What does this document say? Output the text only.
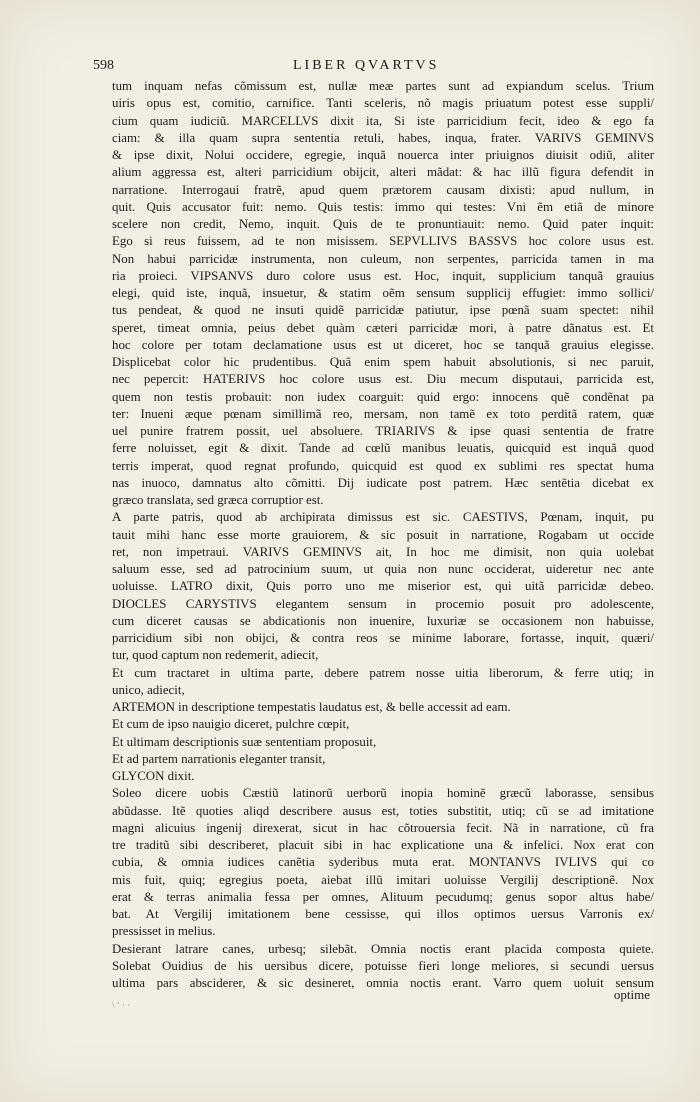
598	LIBER QVARTVS
tum inquam nefas cõmissum est, nullæ meæ partes sunt ad expiandum scelus. Trium
uiris opus est, comitio, carnifice. Tanti sceleris, nõ magis priuatum potest esse suppli/
cium quam iudiciũ. MARCELLVS dixit ita, Si iste parricidium fecit, ideo & ego fa
ciam: & illa quam supra sententia retuli, habes, inqua, frater. VARIVS GEMINVS
& ipse dixit, Nolui occidere, egregie, inquã nouerca inter priuignos diuisit odiũ, aliter
alium aggressa est, alteri parricidium obijcit, alteri mãdat: & hac illũ figura defendit in
narratione. Interrogaui fratrẽ, apud quem prætorem causam dixisti: apud nullum, in
quit. Quis accusator fuit: nemo. Quis testis: immo qui testes: Vni ẽm etiã de minore
scelere non credit, Nemo, inquit. Quis de te pronuntiauit: nemo. Quid pater inquit:
Ego si reus fuissem, ad te non misissem. SEPVLLIVS BASSVS hoc colore usus est.
Non habui parricidæ instrumenta, non culeum, non serpentes, parricida tamen in ma
ria proieci. VIPSANVS duro colore usus est. Hoc, inquit, supplicium tanquã grauius
elegi, quid iste, inquã, insuetur, & statim oẽm sensum supplicij effugiet: immo sollici/
tus pendeat, & quod ne insuti quidẽ parricidæ patiutur, ipse pœnã suam spectet: nihil
speret, timeat omnia, peius debet quàm cæteri parricidæ mori, à patre dãnatus est. Et
hoc colore per totam declamatione usus est ut diceret, hoc se tanquã grauius elegisse.
Displicebat color hic prudentibus. Quã enim spem habuit absolutionis, si nec paruit,
nec pepercit: HATERIVS hoc colore usus est. Diu mecum disputaui, parricida est,
quem non testis probauit: non iudex coarguit: quid ergo: innocens quẽ condẽnat pa
ter: Inueni æque pœnam simillimã reo, mersam, non tamẽ ex toto perditã ratem, quæ
uel punire fratrem possit, uel absoluere. TRIARIVS & ipse quasi sententia de fratre
ferre noluisset, egit & dixit. Tande ad cœlũ manibus leuatis, quicquid est inquã quod
terris imperat, quod regnat profundo, quicquid est quod ex sublimi res spectat huma
nas inuoco, damnatus alto cõmitti. Dij iudicate post patrem. Hæc sentẽtia dicebat ex
græco translata, sed græca corruptior est.
A parte patris, quod ab archipirata dimissus est sic. CAESTIVS, Pœnam, inquit, pu
tauit mihi hanc esse morte grauiorem, & sic posuit in narratione, Rogabam ut occide
ret, non impetraui. VARIVS GEMINVS ait, In hoc me dimisit, non quia uolebat
saluum esse, sed ad patrocinium suum, ut quia non nunc occiderat, uideretur nec ante
uoluisse. LATRO dixit, Quis porro uno me miserior est, qui uitã parricidæ debeo.
DIOCLES CARYSTIVS elegantem sensum in procemio posuit pro adolescente,
cum diceret causas se abdicationis non inuenire, luxuriæ se occasionem non habuisse,
parricidium sibi non obijci, & contra reos se minime laborare, fortasse, inquit, quæri/
tur, quod captum non redemerit, adiecit,
Et cum tractaret in ultima parte, debere patrem nosse uitia liberorum, & ferre utiq; in
unico, adiecit,
ARTEMON in descriptione tempestatis laudatus est, & belle accessit ad eam.
Et cum de ipso nauigio diceret, pulchre cœpit,
Et ultimam descriptionis suæ sententiam proposuit,
Et ad partem narrationis eleganter transit,
GLYCON dixit.
Soleo dicere uobis Cæstiũ latinorũ uerborũ inopia hominẽ græcũ laborasse, sensibus
abũdasse. Itẽ quoties aliqd describere ausus est, toties substitit, utiq; cũ se ad imitatione
magni alicuius ingenij direxerat, sicut in hac cõtrouersia fecit. Nã in narratione, cũ fra
tre traditũ sibi describeret, placuit sibi in hac explicatione una & infelici. Nox erat con
cubia, & omnia iudices canẽtia syderibus muta erat. MONTANVS IVLIVS qui co
mis fuit, quiq; egregius poeta, aiebat illũ imitari uoluisse Vergilij descriptionẽ. Nox
erat & terras animalia fessa per omnes, Alituum pecudumq; genus sopor altus habe/
bat. At Vergilij imitationem bene cessisse, qui illos optimos uersus Varronis ex/
pressisset in melius.
Desierant latrare canes, urbesq; silebãt. Omnia noctis erant placida composta quiete.
Solebat Ouidius de his uersibus dicere, potuisse fieri longe meliores, si secundi uersus
ultima pars absciderer, & sic desineret, omnia noctis erant. Varro quem uoluit sensum
optime
\ ‘ · ·
